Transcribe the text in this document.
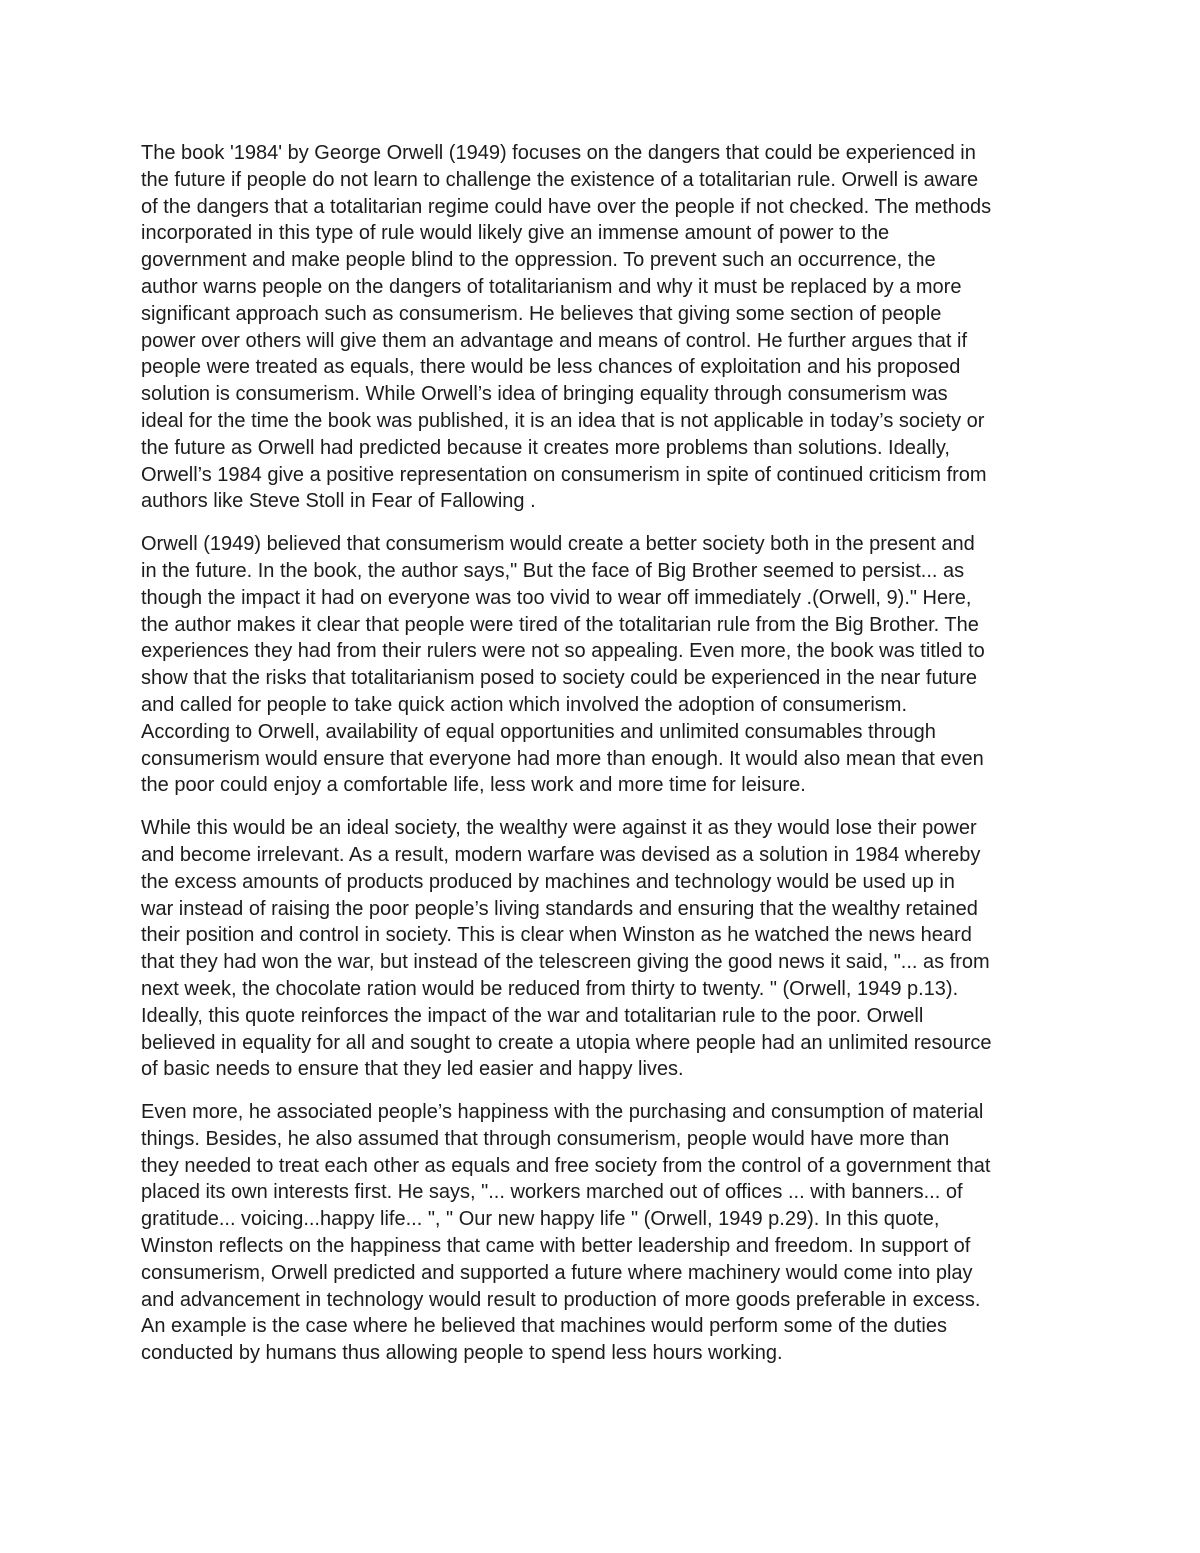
The book '1984' by George Orwell (1949) focuses on the dangers that could be experienced in
the future if people do not learn to challenge the existence of a totalitarian rule. Orwell is aware
of the dangers that a totalitarian regime could have over the people if not checked. The methods
incorporated in this type of rule would likely give an immense amount of power to the
government and make people blind to the oppression. To prevent such an occurrence, the
author warns people on the dangers of totalitarianism and why it must be replaced by a more
significant approach such as consumerism. He believes that giving some section of people
power over others will give them an advantage and means of control. He further argues that if
people were treated as equals, there would be less chances of exploitation and his proposed
solution is consumerism. While Orwell’s idea of bringing equality through consumerism was
ideal for the time the book was published, it is an idea that is not applicable in today’s society or
the future as Orwell had predicted because it creates more problems than solutions. Ideally,
Orwell’s 1984 give a positive representation on consumerism in spite of continued criticism from
authors like Steve Stoll in Fear of Fallowing .

Orwell (1949) believed that consumerism would create a better society both in the present and
in the future. In the book, the author says," But the face of Big Brother seemed to persist... as
though the impact it had on everyone was too vivid to wear off immediately .(Orwell, 9)." Here,
the author makes it clear that people were tired of the totalitarian rule from the Big Brother. The
experiences they had from their rulers were not so appealing. Even more, the book was titled to
show that the risks that totalitarianism posed to society could be experienced in the near future
and called for people to take quick action which involved the adoption of consumerism.
According to Orwell, availability of equal opportunities and unlimited consumables through
consumerism would ensure that everyone had more than enough. It would also mean that even
the poor could enjoy a comfortable life, less work and more time for leisure.

While this would be an ideal society, the wealthy were against it as they would lose their power
and become irrelevant. As a result, modern warfare was devised as a solution in 1984 whereby
the excess amounts of products produced by machines and technology would be used up in
war instead of raising the poor people’s living standards and ensuring that the wealthy retained
their position and control in society. This is clear when Winston as he watched the news heard
that they had won the war, but instead of the telescreen giving the good news it said, "... as from
next week, the chocolate ration would be reduced from thirty to twenty. " (Orwell, 1949 p.13).
Ideally, this quote reinforces the impact of the war and totalitarian rule to the poor. Orwell
believed in equality for all and sought to create a utopia where people had an unlimited resource
of basic needs to ensure that they led easier and happy lives.

Even more, he associated people’s happiness with the purchasing and consumption of material
things. Besides, he also assumed that through consumerism, people would have more than
they needed to treat each other as equals and free society from the control of a government that
placed its own interests first. He says, "... workers marched out of offices ... with banners... of
gratitude... voicing...happy life... ", " Our new happy life " (Orwell, 1949 p.29). In this quote,
Winston reflects on the happiness that came with better leadership and freedom. In support of
consumerism, Orwell predicted and supported a future where machinery would come into play
and advancement in technology would result to production of more goods preferable in excess.
An example is the case where he believed that machines would perform some of the duties
conducted by humans thus allowing people to spend less hours working.
